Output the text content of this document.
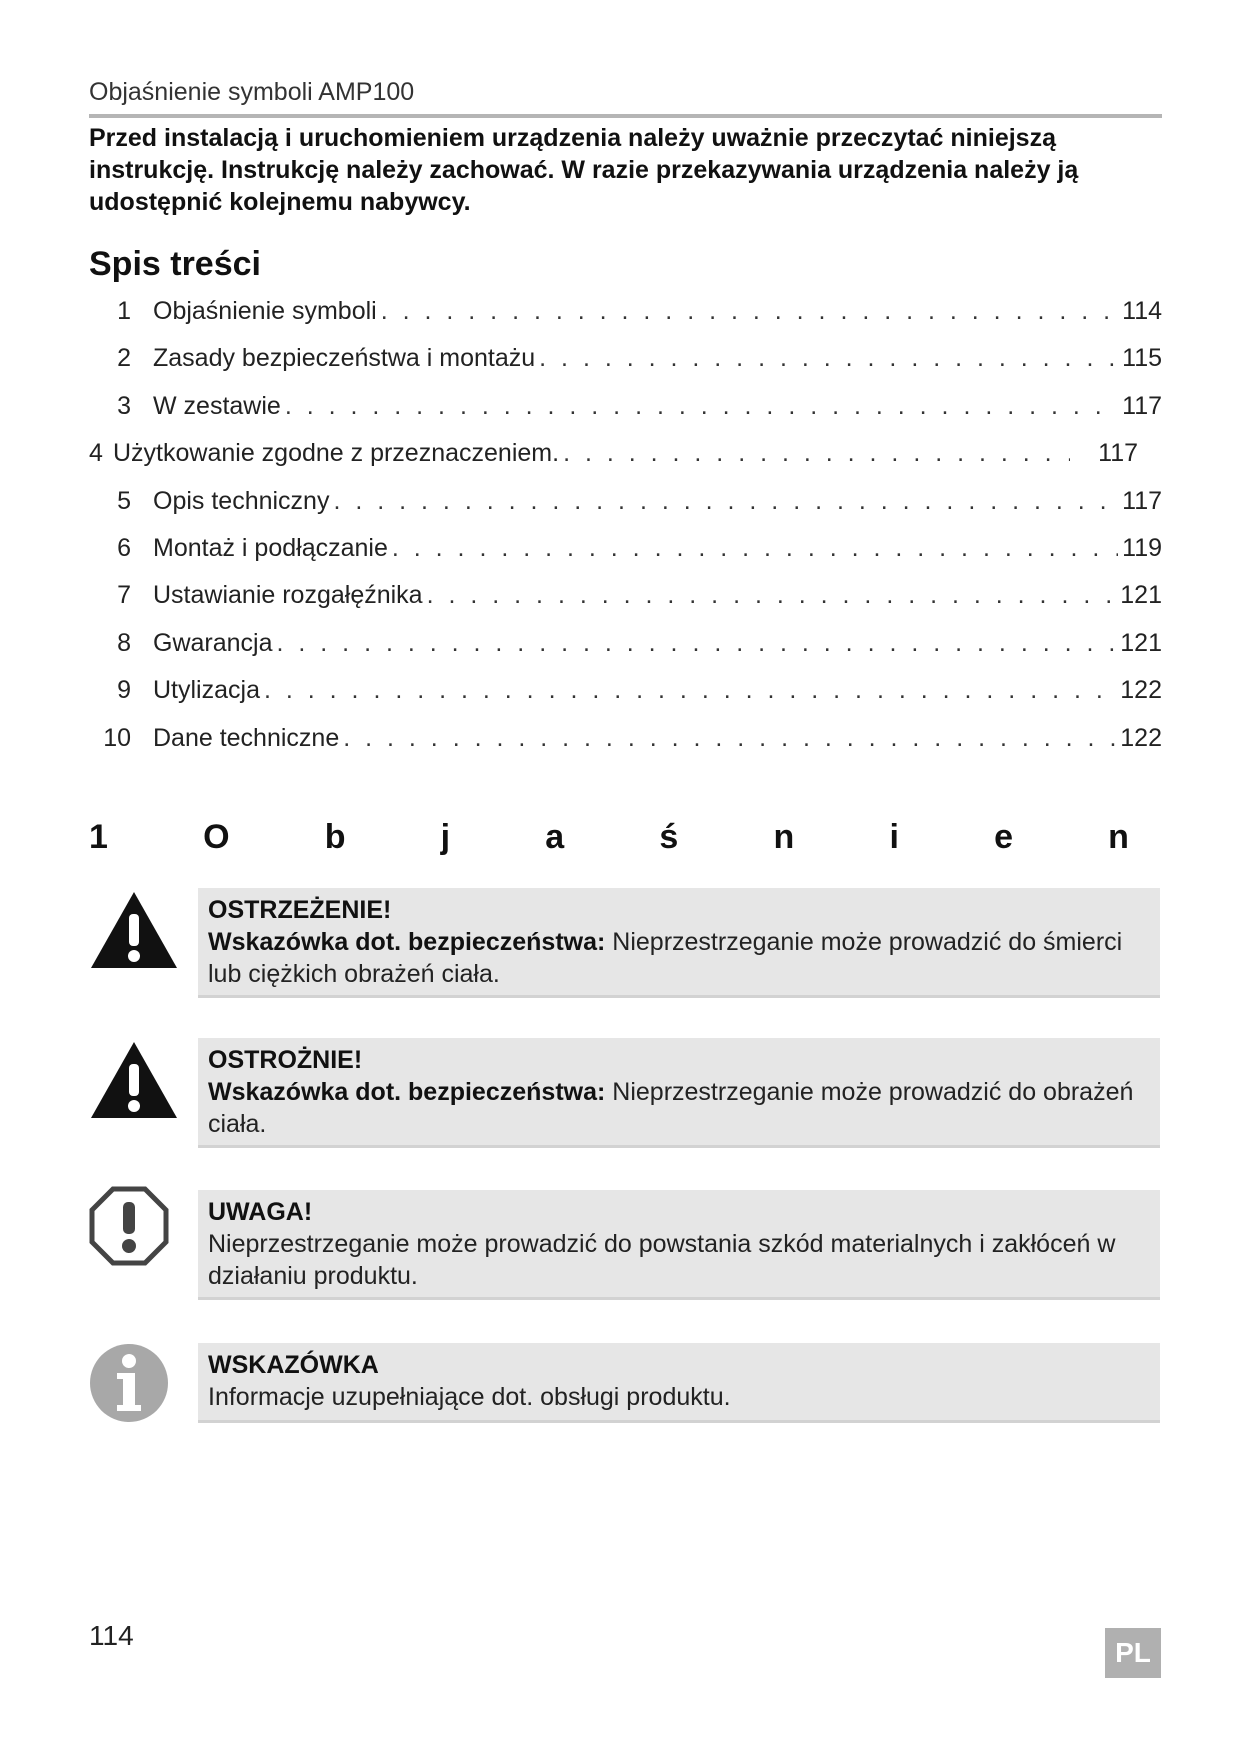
Objaśnienie symboli AMP100
Przed instalacją i uruchomieniem urządzenia należy uważnie przeczytać niniejszą instrukcję. Instrukcję należy zachować. W razie przekazywania urządzenia należy ją udostępnić kolejnemu nabywcy.
Spis treści
1 Objaśnienie symboli . . .	114
2 Zasady bezpieczeństwa i montażu . . .	115
3 W zestawie . . .	117
4 Użytkowanie zgodne z przeznaczeniem. . . .	117
5 Opis techniczny . . .	117
6 Montaż i podłączanie . . .	119
7 Ustawianie rozgałęźnika . . .	121
8 Gwarancja . . .	121
9 Utylizacja . . .	122
10 Dane techniczne . . .	122
1	O	b	j	a	ś	n	i	e	n
OSTRZEŻENIE!
Wskazówka dot. bezpieczeństwa: Nieprzestrzeganie może prowadzić do śmierci lub ciężkich obrażeń ciała.
OSTROŻNIE!
Wskazówka dot. bezpieczeństwa: Nieprzestrzeganie może prowadzić do obrażeń ciała.
UWAGA!
Nieprzestrzeganie może prowadzić do powstania szkód materialnych i zakłóceń w działaniu produktu.
WSKAZÓWKA
Informacje uzupełniające dot. obsługi produktu.
114
PL
